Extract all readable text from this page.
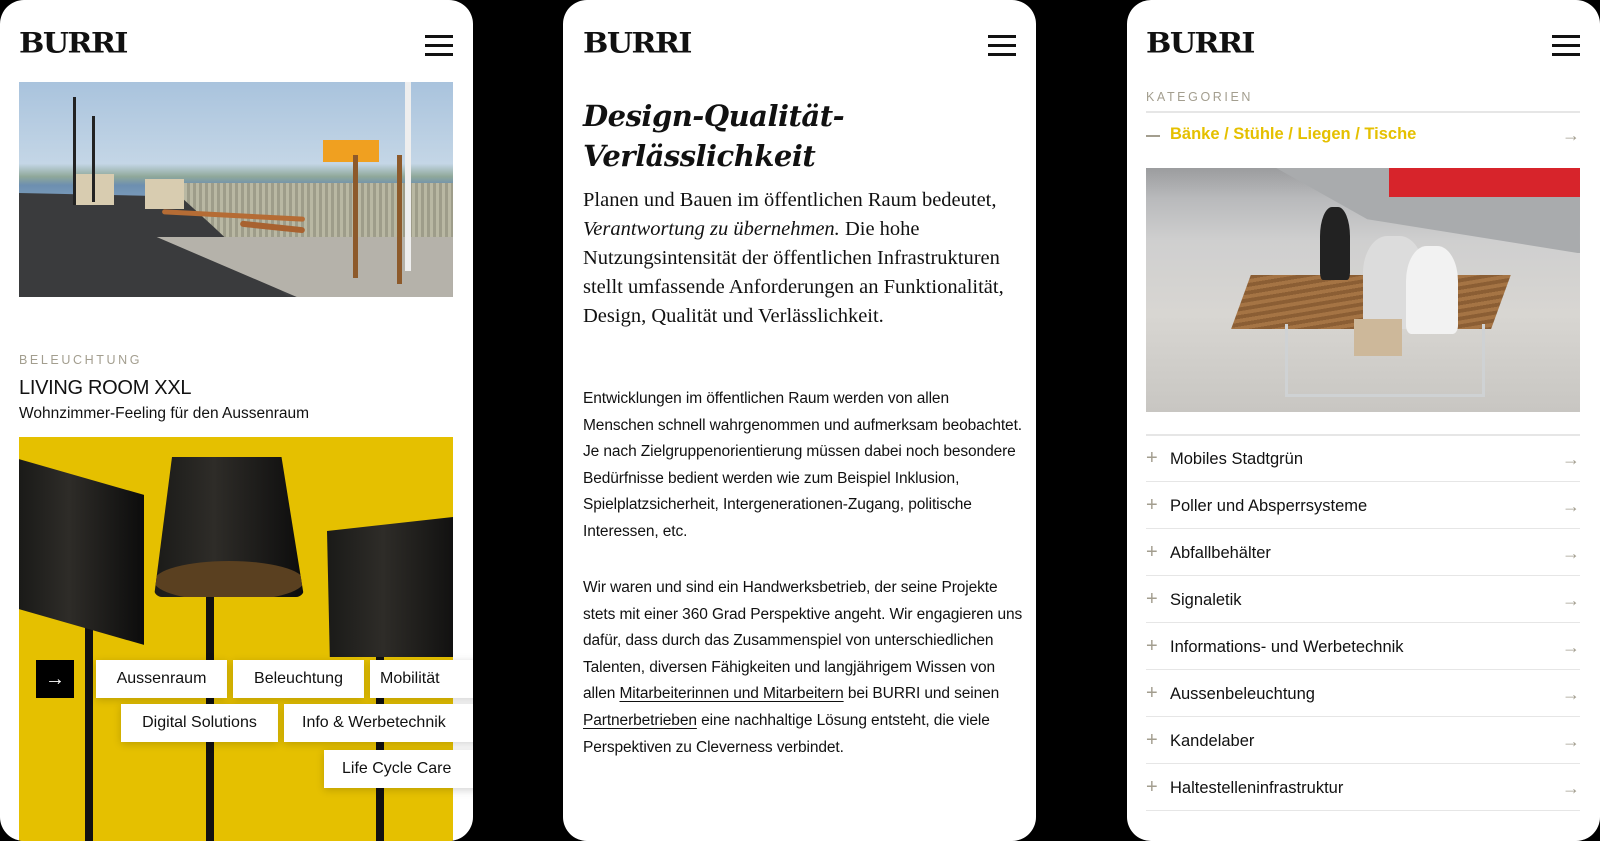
BURRI
BELEUCHTUNG
LIVING ROOM XXL
Wohnzimmer-Feeling für den Aussenraum
→	Aussenraum	Beleuchtung	Mobilität
Digital Solutions	Info & Werbetechnik
Life Cycle Care
BURRI
Design-Qualität-Verlässlichkeit

Planen und Bauen im öffentlichen Raum bedeutet, Verantwortung zu übernehmen. Die hohe Nutzungsintensität der öffentlichen Infrastrukturen stellt umfassende Anforderungen an Funktionalität, Design, Qualität und Verlässlichkeit.

Entwicklungen im öffentlichen Raum werden von allen Menschen schnell wahrgenommen und aufmerksam beobachtet. Je nach Zielgruppenorientierung müssen dabei noch besondere Bedürfnisse bedient werden wie zum Beispiel Inklusion, Spielplatzsicherheit, Intergenerationen-Zugang, politische Interessen, etc.

Wir waren und sind ein Handwerksbetrieb, der seine Projekte stets mit einer 360 Grad Perspektive angeht. Wir engagieren uns dafür, dass durch das Zusammenspiel von unterschiedlichen Talenten, diversen Fähigkeiten und langjährigem Wissen von allen Mitarbeiterinnen und Mitarbeitern bei BURRI und seinen Partnerbetrieben eine nachhaltige Lösung entsteht, die viele Perspektiven zu Cleverness verbindet.

BURRI
KATEGORIEN
Bänke / Stühle / Liegen / Tische	→
+ Mobiles Stadtgrün	→
+ Poller und Absperrsysteme	→
+ Abfallbehälter	→
+ Signaletik	→
+ Informations- und Werbetechnik	→
+ Aussenbeleuchtung	→
+ Kandelaber	→
+ Haltestelleninfrastruktur	→
